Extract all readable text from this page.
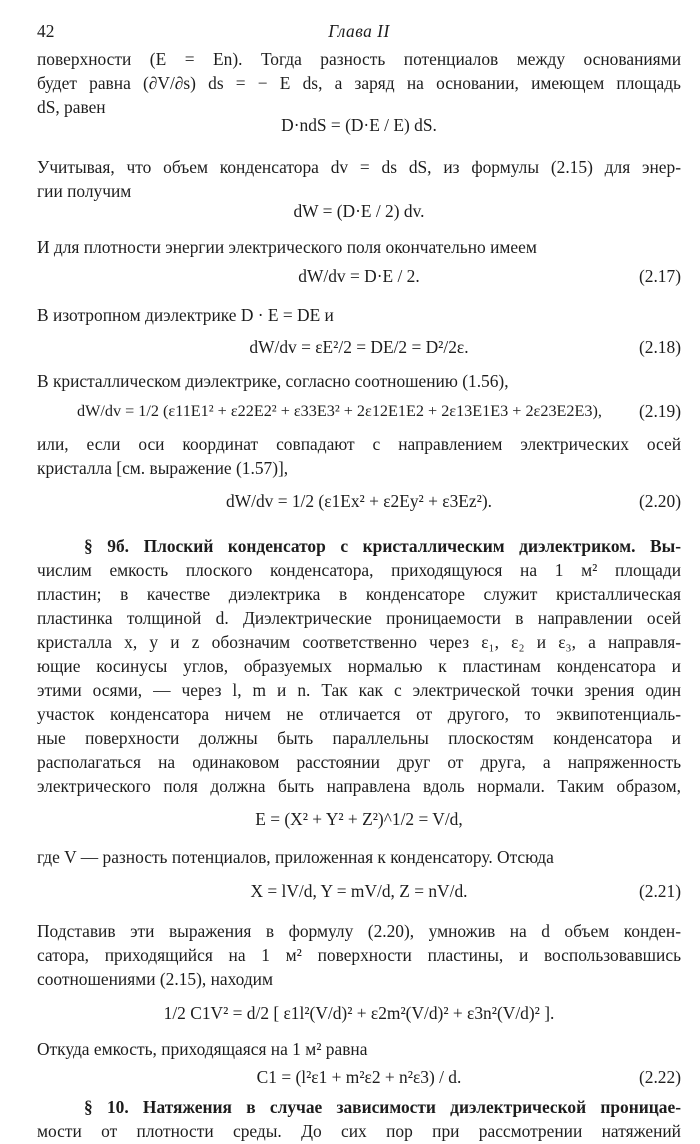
42	Глава II
поверхности (E = En). Тогда разность потенциалов между основаниями
будет равна (∂V/∂s) ds = − E ds, а заряд на основании, имеющем площадь
dS, равен
D·ndS = (D·E / E) dS.
Учитывая, что объем конденсатора dv = ds dS, из формулы (2.15) для энер-
гии получим
dW = (D·E / 2) dv.
И для плотности энергии электрического поля окончательно имеем
dW/dv = D·E / 2.	(2.17)
В изотропном диэлектрике D · E = DE и
dW/dv = εE²/2 = DE/2 = D²/2ε.	(2.18)
В кристаллическом диэлектрике, согласно соотношению (1.56),
dW/dv = 1/2 (ε11E1² + ε22E2² + ε33E3² + 2ε12E1E2 + 2ε13E1E3 + 2ε23E2E3),	(2.19)
или, если оси координат совпадают с направлением электрических осей
кристалла [см. выражение (1.57)],
dW/dv = 1/2 (ε1Ex² + ε2Ey² + ε3Ez²).	(2.20)
§ 9б. Плоский конденсатор с кристаллическим диэлектриком. Вы-
числим емкость плоского конденсатора, приходящуюся на 1 м² площади
пластин; в качестве диэлектрика в конденсаторе служит кристаллическая
пластинка толщиной d. Диэлектрические проницаемости в направлении осей
кристалла x, y и z обозначим соответственно через ε₁, ε₂ и ε₃, а направля-
ющие косинусы углов, образуемых нормалью к пластинам конденсатора и
этими осями, — через l, m и n. Так как с электрической точки зрения один
участок конденсатора ничем не отличается от другого, то эквипотенциаль-
ные поверхности должны быть параллельны плоскостям конденсатора и
располагаться на одинаковом расстоянии друг от друга, а напряженность
электрического поля должна быть направлена вдоль нормали. Таким образом,
E = (X² + Y² + Z²)^1/2 = V/d,
где V — разность потенциалов, приложенная к конденсатору. Отсюда
X = lV/d, Y = mV/d, Z = nV/d.	(2.21)
Подставив эти выражения в формулу (2.20), умножив на d объем конден-
сатора, приходящийся на 1 м² поверхности пластины, и воспользовавшись
соотношениями (2.15), находим
1/2 C1V² = d/2 [ ε1l²(V/d)² + ε2m²(V/d)² + ε3n²(V/d)² ].
Откуда емкость, приходящаяся на 1 м² равна
C1 = (l²ε1 + m²ε2 + n²ε3) / d.	(2.22)
§ 10. Натяжения в случае зависимости диэлектрической проницае-
мости от плотности среды. До сих пор при рассмотрении натяжений
